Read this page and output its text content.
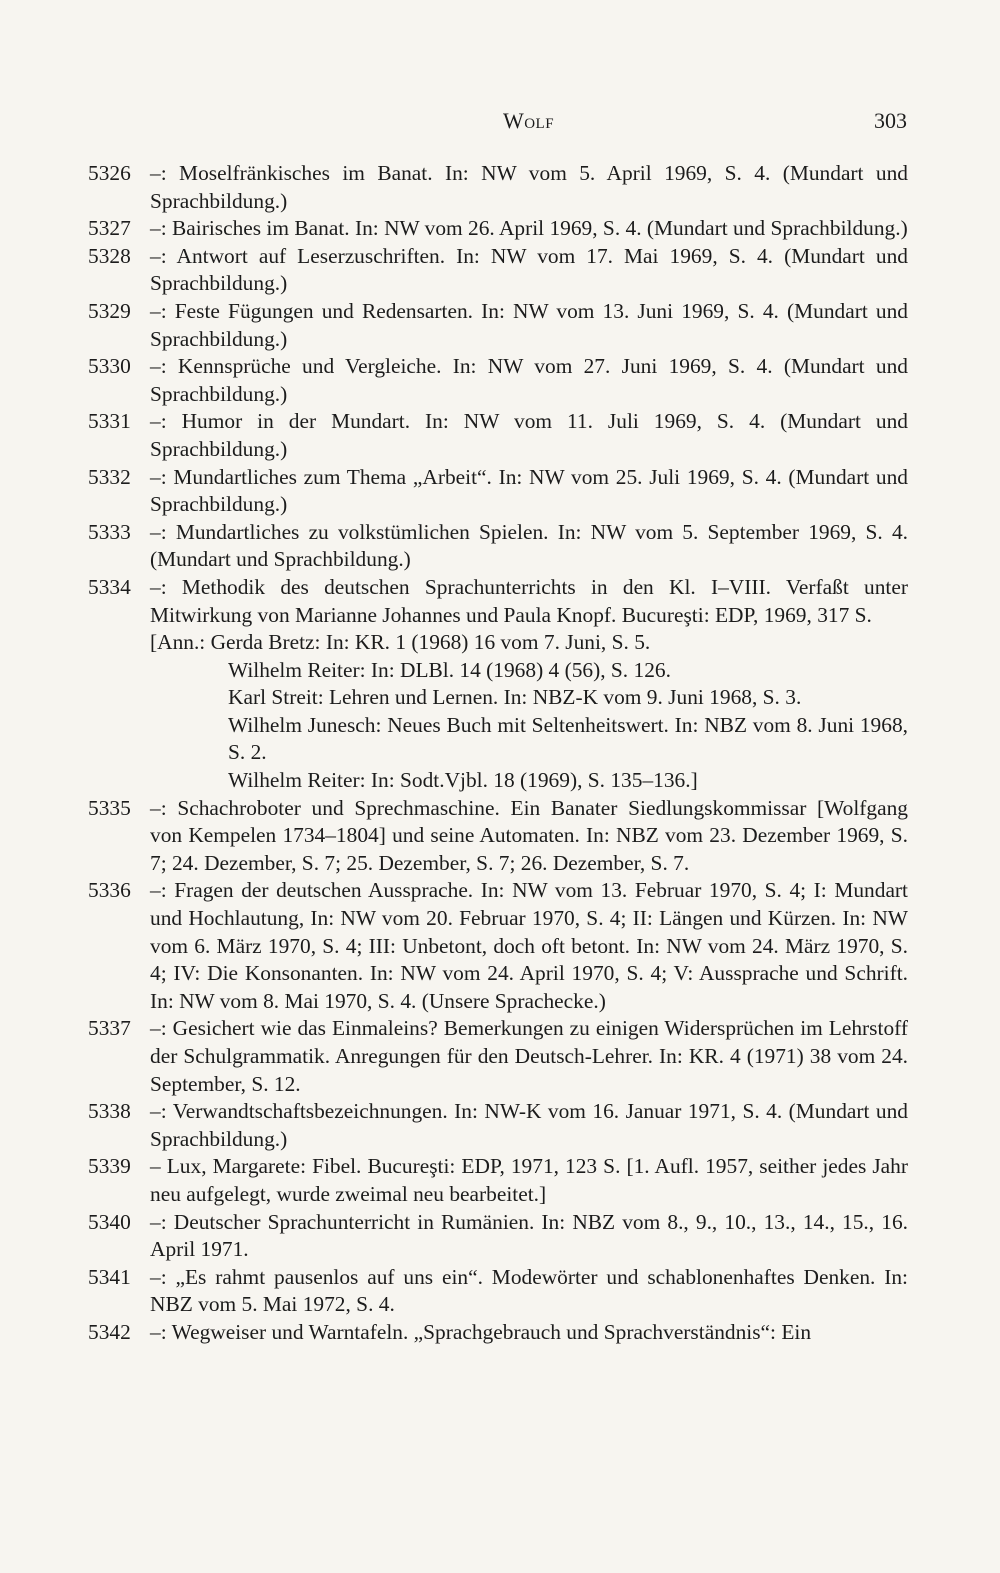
Wolf	303
5326 –: Moselfränkisches im Banat. In: NW vom 5. April 1969, S. 4. (Mundart und Sprachbildung.)
5327 –: Bairisches im Banat. In: NW vom 26. April 1969, S. 4. (Mundart und Sprachbildung.)
5328 –: Antwort auf Leserzuschriften. In: NW vom 17. Mai 1969, S. 4. (Mundart und Sprachbildung.)
5329 –: Feste Fügungen und Redensarten. In: NW vom 13. Juni 1969, S. 4. (Mundart und Sprachbildung.)
5330 –: Kennsprüche und Vergleiche. In: NW vom 27. Juni 1969, S. 4. (Mundart und Sprachbildung.)
5331 –: Humor in der Mundart. In: NW vom 11. Juli 1969, S. 4. (Mundart und Sprachbildung.)
5332 –: Mundartliches zum Thema „Arbeit“. In: NW vom 25. Juli 1969, S. 4. (Mundart und Sprachbildung.)
5333 –: Mundartliches zu volkstümlichen Spielen. In: NW vom 5. September 1969, S. 4. (Mundart und Sprachbildung.)
5334 –: Methodik des deutschen Sprachunterrichts in den Kl. I–VIII. Verfaßt unter Mitwirkung von Marianne Johannes und Paula Knopf. Bucureşti: EDP, 1969, 317 S.
[Ann.: Gerda Bretz: In: KR. 1 (1968) 16 vom 7. Juni, S. 5.
Wilhelm Reiter: In: DLBl. 14 (1968) 4 (56), S. 126.
Karl Streit: Lehren und Lernen. In: NBZ-K vom 9. Juni 1968, S. 3.
Wilhelm Junesch: Neues Buch mit Seltenheitswert. In: NBZ vom 8. Juni 1968, S. 2.
Wilhelm Reiter: In: Sodt.Vjbl. 18 (1969), S. 135–136.]
5335 –: Schachroboter und Sprechmaschine. Ein Banater Siedlungskommissar [Wolfgang von Kempelen 1734–1804] und seine Automaten. In: NBZ vom 23. Dezember 1969, S. 7; 24. Dezember, S. 7; 25. Dezember, S. 7; 26. Dezember, S. 7.
5336 –: Fragen der deutschen Aussprache. In: NW vom 13. Februar 1970, S. 4; I: Mundart und Hochlautung, In: NW vom 20. Februar 1970, S. 4; II: Längen und Kürzen. In: NW vom 6. März 1970, S. 4; III: Unbetont, doch oft betont. In: NW vom 24. März 1970, S. 4; IV: Die Konsonanten. In: NW vom 24. April 1970, S. 4; V: Aussprache und Schrift. In: NW vom 8. Mai 1970, S. 4. (Unsere Sprachecke.)
5337 –: Gesichert wie das Einmaleins? Bemerkungen zu einigen Widersprüchen im Lehrstoff der Schulgrammatik. Anregungen für den Deutsch-Lehrer. In: KR. 4 (1971) 38 vom 24. September, S. 12.
5338 –: Verwandtschaftsbezeichnungen. In: NW-K vom 16. Januar 1971, S. 4. (Mundart und Sprachbildung.)
5339 – Lux, Margarete: Fibel. Bucureşti: EDP, 1971, 123 S. [1. Aufl. 1957, seither jedes Jahr neu aufgelegt, wurde zweimal neu bearbeitet.]
5340 –: Deutscher Sprachunterricht in Rumänien. In: NBZ vom 8., 9., 10., 13., 14., 15., 16. April 1971.
5341 –: „Es rahmt pausenlos auf uns ein“. Modewörter und schablonenhaftes Denken. In: NBZ vom 5. Mai 1972, S. 4.
5342 –: Wegweiser und Warntafeln. „Sprachgebrauch und Sprachverständnis“: Ein
